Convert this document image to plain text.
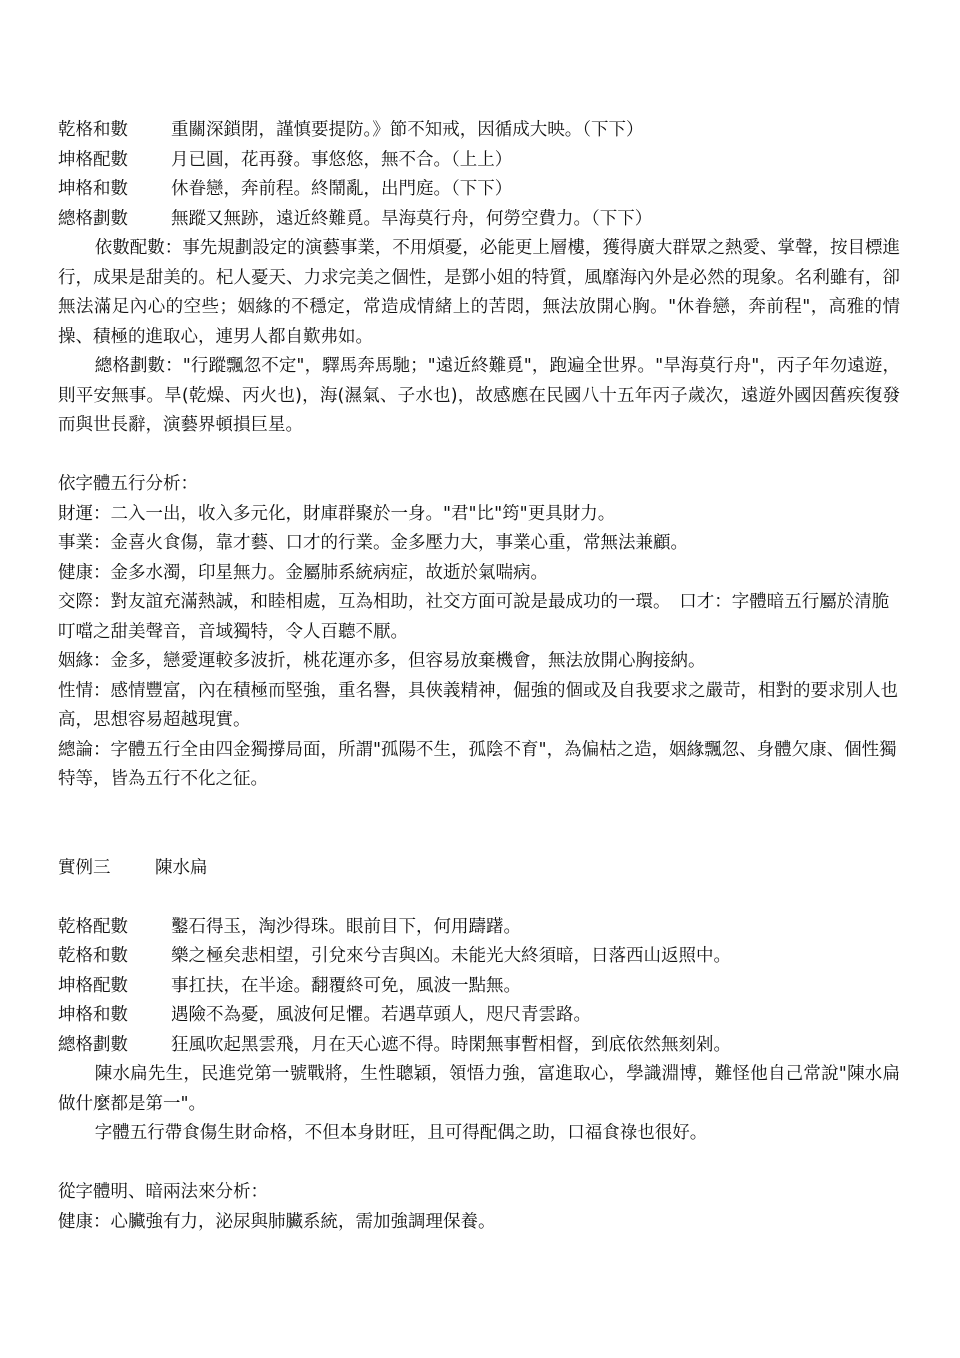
乾格和數	重關深鎖閉，謹慎要提防。》節不知戒，因循成大映。（下下）
坤格配數	月已圓，花再發。事悠悠，無不合。（上上）
坤格和數	休眷戀，奔前程。終鬧亂，出門庭。（下下）
總格劃數	無蹤又無跡，遠近終難覓。旱海莫行舟，何勞空費力。（下下）
依數配數：事先規劃設定的演藝事業，不用煩憂，必能更上層樓，獲得廣大群眾之熱愛、掌聲，按目標進行，成果是甜美的。杞人憂天、力求完美之個性，是鄧小姐的特質，風靡海內外是必然的現象。名利雖有，卻無法滿足內心的空些；姻緣的不穩定，常造成情緒上的苦悶，無法放開心胸。"休眷戀，奔前程"，高雅的情操、積極的進取心，連男人都自歎弗如。
總格劃數："行蹤飄忽不定"，驛馬奔馬馳；"遠近終難覓"，跑遍全世界。"旱海莫行舟"，丙子年勿遠遊，則平安無事。旱(乾燥、丙火也)，海(濕氣、子水也)，故感應在民國八十五年丙子歲次，遠遊外國因舊疾復發而與世長辭，演藝界頓損巨星。
依字體五行分析：
財運：二入一出，收入多元化，財庫群聚於一身。"君"比"筠"更具財力。
事業：金喜火食傷，靠才藝、口才的行業。金多壓力大，事業心重，常無法兼顧。
健康：金多水濁，印星無力。金屬肺系統病症，故逝於氣喘病。
交際：對友誼充滿熱誠，和睦相處，互為相助，社交方面可說是最成功的一環。　口才：字體暗五行屬於清脆叮噹之甜美聲音，音域獨特，令人百聽不厭。
姻緣：金多，戀愛運較多波折，桃花運亦多，但容易放棄機會，無法放開心胸接納。
性情：感情豐富，內在積極而堅強，重名譽，具俠義精神，倔強的個或及自我要求之嚴苛，相對的要求別人也高，思想容易超越現實。
總論：字體五行全由四金獨撐局面，所謂"孤陽不生，孤陰不育"，為偏枯之造，姻緣飄忽、身體欠康、個性獨特等，皆為五行不化之征。
實例三	陳水扁
乾格配數	鑿石得玉，淘沙得珠。眼前目下，何用躊躇。
乾格和數	樂之極矣悲相望，引兌來兮吉與凶。未能光大終須暗，日落西山返照中。
坤格配數	事扛扶，在半途。翻覆終可免，風波一點無。
坤格和數	遇險不為憂，風波何足懼。若遇草頭人，咫尺青雲路。
總格劃數	狂風吹起黑雲飛，月在天心遮不得。時閑無事暫相督，到底依然無刻剁。
陳水扁先生，民進党第一號戰將，生性聰穎，領悟力強，富進取心，學識淵博，難怪他自己常說"陳水扁做什麼都是第一"。
字體五行帶食傷生財命格，不但本身財旺，且可得配偶之助，口福食祿也很好。
從字體明、暗兩法來分析：
健康：心臟強有力，泌尿與肺臟系統，需加強調理保養。
